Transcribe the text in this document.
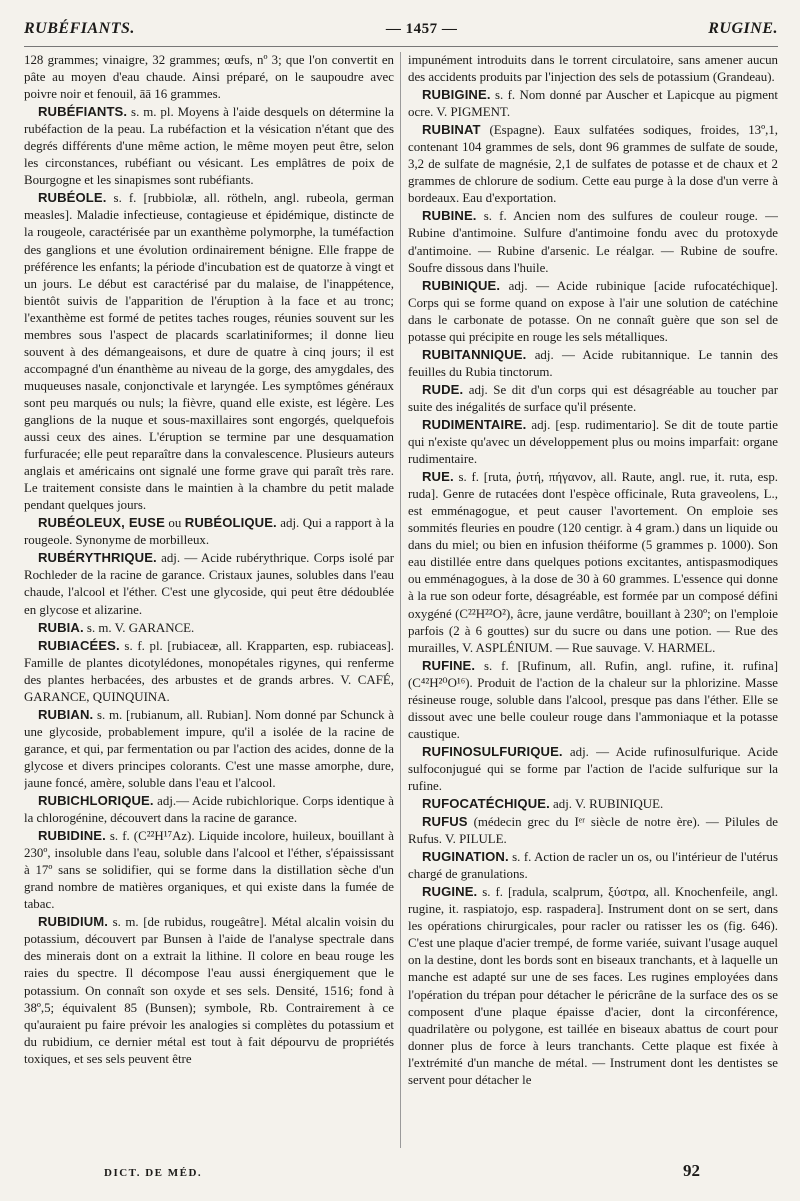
RUBÉFIANTS.	— 1457 —	RUGINE.

128 grammes; vinaigre, 32 grammes; œufs, nº 3; que l'on convertit en pâte au moyen d'eau chaude. Ainsi préparé, on le saupoudre avec poivre noir et fenouil, āā 16 grammes.

RUBÉFIANTS. s. m. pl. Moyens à l'aide desquels on détermine la rubéfaction de la peau. La rubéfaction et la vésication n'étant que des degrés différents d'une même action, le même moyen peut être, selon les circonstances, rubéfiant ou vésicant. Les emplâtres de poix de Bourgogne et les sinapismes sont rubéfiants.

RUBÉOLE. s. f. [rubbiolæ, all. rötheln, angl. rubeola, german measles]. Maladie infectieuse, contagieuse et épidémique, distincte de la rougeole, caractérisée par un exanthème polymorphe, la tuméfaction des ganglions et une évolution ordinairement bénigne. Elle frappe de préférence les enfants; la période d'incubation est de quatorze à vingt et un jours. Le début est caractérisé par du malaise, de l'inappétence, bientôt suivis de l'apparition de l'éruption à la face et au tronc; l'exanthème est formé de petites taches rouges, réunies souvent sur les membres sous l'aspect de placards scarlatiniformes; il donne lieu souvent à des démangeaisons, et dure de quatre à cinq jours; il est accompagné d'un énanthème au niveau de la gorge, des amygdales, des muqueuses nasale, conjonctivale et laryngée. Les symptômes généraux sont peu marqués ou nuls; la fièvre, quand elle existe, est légère. Les ganglions de la nuque et sous-maxillaires sont engorgés, quelquefois aussi ceux des aines. L'éruption se termine par une desquamation furfuracée; elle peut reparaître dans la convalescence. Plusieurs auteurs anglais et américains ont signalé une forme grave qui paraît très rare. Le traitement consiste dans le maintien à la chambre du petit malade pendant quelques jours.

RUBÉOLEUX, EUSE ou RUBÉOLIQUE. adj. Qui a rapport à la rougeole. Synonyme de morbilleux.

RUBÉRYTHRIQUE. adj. — Acide rubérythrique. Corps isolé par Rochleder de la racine de garance. Cristaux jaunes, solubles dans l'eau chaude, l'alcool et l'éther. C'est une glycoside, qui peut être dédoublée en glycose et alizarine.

RUBIA. s. m. V. GARANCE.

RUBIACÉES. s. f. pl. [rubiaceæ, all. Krapparten, esp. rubiaceas]. Famille de plantes dicotylédones, monopétales rigynes, qui renferme des plantes herbacées, des arbustes et de grands arbres. V. CAFÉ, GARANCE, QUINQUINA.

RUBIAN. s. m. [rubianum, all. Rubian]. Nom donné par Schunck à une glycoside, probablement impure, qu'il a isolée de la racine de garance, et qui, par fermentation ou par l'action des acides, donne de la glycose et divers principes colorants. C'est une masse amorphe, dure, jaune foncé, amère, soluble dans l'eau et l'alcool.

RUBICHLORIQUE. adj.— Acide rubichlorique. Corps identique à la chlorogénine, découvert dans la racine de garance.

RUBIDINE. s. f. (C²²H¹⁷Az). Liquide incolore, huileux, bouillant à 230º, insoluble dans l'eau, soluble dans l'alcool et l'éther, s'épaississant à 17º sans se solidifier, qui se forme dans la distillation sèche d'un grand nombre de matières organiques, et qui existe dans la fumée de tabac.

RUBIDIUM. s. m. [de rubidus, rougeâtre]. Métal alcalin voisin du potassium, découvert par Bunsen à l'aide de l'analyse spectrale dans des minerais dont on a extrait la lithine. Il colore en beau rouge les raies du spectre. Il décompose l'eau aussi énergiquement que le potassium. On connaît son oxyde et ses sels. Densité, 1516; fond à 38º,5; équivalent 85 (Bunsen); symbole, Rb. Contrairement à ce qu'auraient pu faire prévoir les analogies si complètes du potassium et du rubidium, ce dernier métal est tout à fait dépourvu de propriétés toxiques, et ses sels peuvent être

impunément introduits dans le torrent circulatoire, sans amener aucun des accidents produits par l'injection des sels de potassium (Grandeau).

RUBIGINE. s. f. Nom donné par Auscher et Lapicque au pigment ocre. V. PIGMENT.

RUBINAT (Espagne). Eaux sulfatées sodiques, froides, 13º,1, contenant 104 grammes de sels, dont 96 grammes de sulfate de soude, 3,2 de sulfate de magnésie, 2,1 de sulfates de potasse et de chaux et 2 grammes de chlorure de sodium. Cette eau purge à la dose d'un verre à bordeaux. Eau d'exportation.

RUBINE. s. f. Ancien nom des sulfures de couleur rouge. — Rubine d'antimoine. Sulfure d'antimoine fondu avec du protoxyde d'antimoine. — Rubine d'arsenic. Le réalgar. — Rubine de soufre. Soufre dissous dans l'huile.

RUBINIQUE. adj. — Acide rubinique [acide rufocatéchique]. Corps qui se forme quand on expose à l'air une solution de catéchine dans le carbonate de potasse. On ne connaît guère que son sel de potasse qui précipite en rouge les sels métalliques.

RUBITANNIQUE. adj. — Acide rubitannique. Le tannin des feuilles du Rubia tinctorum.

RUDE. adj. Se dit d'un corps qui est désagréable au toucher par suite des inégalités de surface qu'il présente.

RUDIMENTAIRE. adj. [esp. rudimentario]. Se dit de toute partie qui n'existe qu'avec un développement plus ou moins imparfait: organe rudimentaire.

RUE. s. f. [ruta, ῥυτή, πήγανον, all. Raute, angl. rue, it. ruta, esp. ruda]. Genre de rutacées dont l'espèce officinale, Ruta graveolens, L., est emménagogue, et peut causer l'avortement. On emploie ses sommités fleuries en poudre (120 centigr. à 4 gram.) dans un liquide ou dans du miel; ou bien en infusion théiforme (5 grammes p. 1000). Son eau distillée entre dans quelques potions excitantes, antispasmodiques ou emménagogues, à la dose de 30 à 60 grammes. L'essence qui donne à la rue son odeur forte, désagréable, est formée par un composé défini oxygéné (C²²H²²O²), âcre, jaune verdâtre, bouillant à 230º; on l'emploie parfois (2 à 6 gouttes) sur du sucre ou dans une potion. — Rue des murailles, V. ASPLÉNIUM. — Rue sauvage. V. HARMEL.

RUFINE. s. f. [Rufinum, all. Rufin, angl. rufine, it. rufina] (C⁴²H²⁰O¹⁶). Produit de l'action de la chaleur sur la phlorizine. Masse résineuse rouge, soluble dans l'alcool, presque pas dans l'éther. Elle se dissout avec une belle couleur rouge dans l'ammoniaque et la potasse caustique.

RUFINOSULFURIQUE. adj. — Acide rufinosulfurique. Acide sulfoconjugué qui se forme par l'action de l'acide sulfurique sur la rufine.

RUFOCATÉCHIQUE. adj. V. RUBINIQUE.

RUFUS (médecin grec du Iᵉʳ siècle de notre ère). — Pilules de Rufus. V. PILULE.

RUGINATION. s. f. Action de racler un os, ou l'intérieur de l'utérus chargé de granulations.

RUGINE. s. f. [radula, scalprum, ξύστρα, all. Knochenfeile, angl. rugine, it. raspiatojo, esp. raspadera]. Instrument dont on se sert, dans les opérations chirurgicales, pour racler ou ratisser les os (fig. 646). C'est une plaque d'acier trempé, de forme variée, suivant l'usage auquel on la destine, dont les bords sont en biseaux tranchants, et à laquelle un manche est adapté sur une de ses faces. Les rugines employées dans l'opération du trépan pour détacher le péricrâne de la surface des os se composent d'une plaque épaisse d'acier, dont la circonférence, quadrilatère ou polygone, est taillée en biseaux abattus de court pour donner plus de force à leurs tranchants. Cette plaque est fixée à l'extrémité d'un manche de métal. — Instrument dont les dentistes se servent pour détacher le

DICT. DE MÉD.	92
